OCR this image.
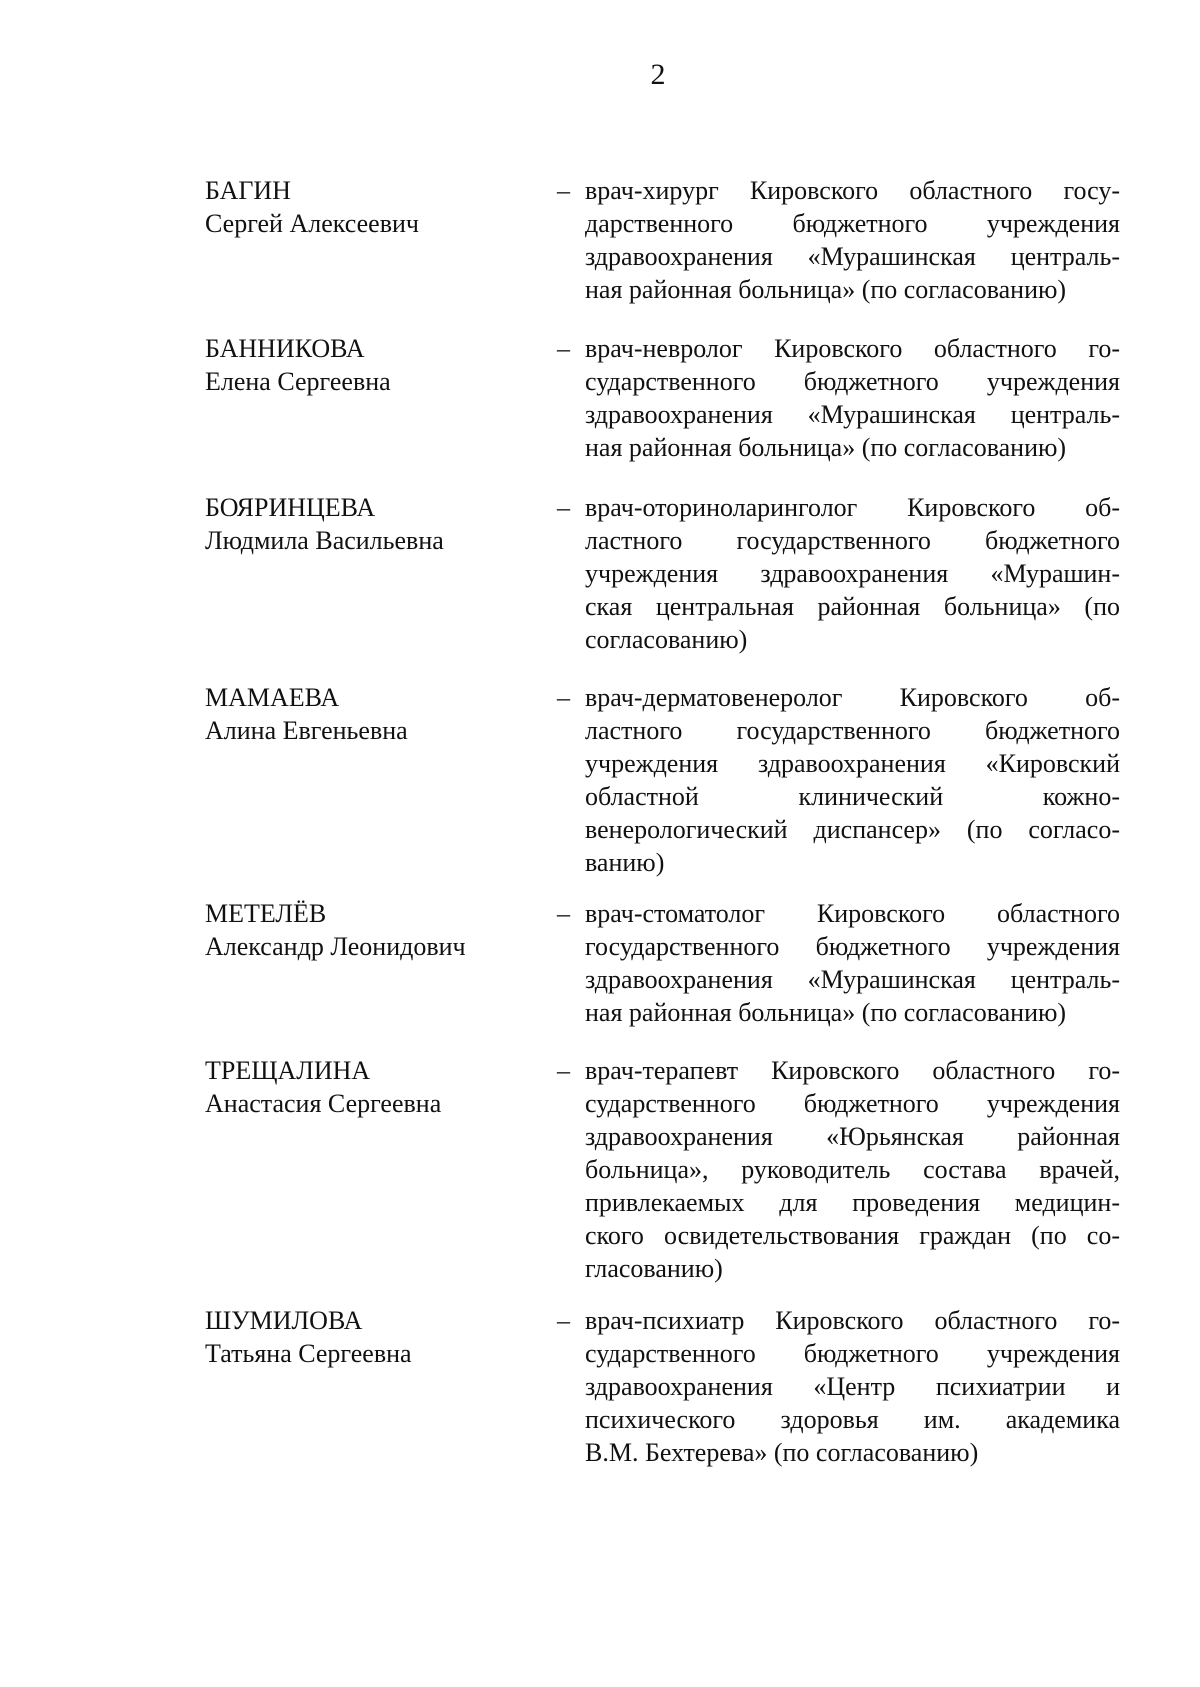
2
БАГИН
Сергей Алексеевич
– врач-хирург Кировского областного госу-
дарственного бюджетного учреждения
здравоохранения «Мурашинская централь-
ная районная больница» (по согласованию)
БАННИКОВА
Елена Сергеевна
– врач-невролог Кировского областного го-
сударственного бюджетного учреждения
здравоохранения «Мурашинская централь-
ная районная больница» (по согласованию)
БОЯРИНЦЕВА
Людмила Васильевна
– врач-оториноларинголог Кировского об-
ластного государственного бюджетного
учреждения здравоохранения «Мурашин-
ская центральная районная больница» (по
согласованию)
МАМАЕВА
Алина Евгеньевна
– врач-дерматовенеролог Кировского об-
ластного государственного бюджетного
учреждения здравоохранения «Кировский
областной клинический кожно-
венерологический диспансер» (по согласо-
ванию)
МЕТЕЛЁВ
Александр Леонидович
– врач-стоматолог Кировского областного
государственного бюджетного учреждения
здравоохранения «Мурашинская централь-
ная районная больница» (по согласованию)
ТРЕЩАЛИНА
Анастасия Сергеевна
– врач-терапевт Кировского областного го-
сударственного бюджетного учреждения
здравоохранения «Юрьянская районная
больница», руководитель состава врачей,
привлекаемых для проведения медицин-
ского освидетельствования граждан (по со-
гласованию)
ШУМИЛОВА
Татьяна Сергеевна
– врач-психиатр Кировского областного го-
сударственного бюджетного учреждения
здравоохранения «Центр психиатрии и
психического здоровья им. академика
В.М. Бехтерева» (по согласованию)
